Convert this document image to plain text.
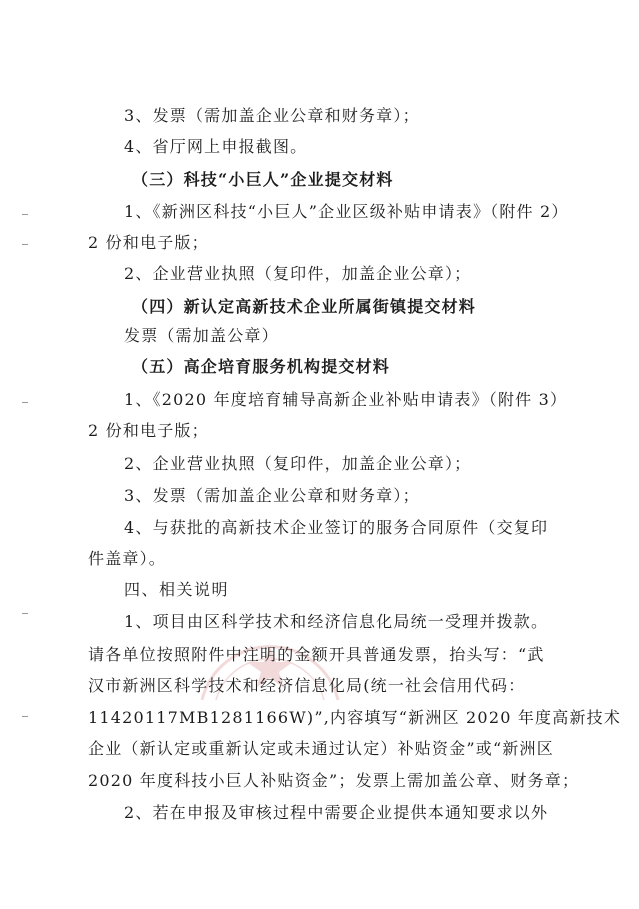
3、发票（需加盖企业公章和财务章）；
4、省厅网上申报截图。
（三）科技“小巨人”企业提交材料
1、《新洲区科技“小巨人”企业区级补贴申请表》（附件 2）
2 份和电子版；
2、企业营业执照（复印件，加盖企业公章）；
（四）新认定高新技术企业所属街镇提交材料
发票（需加盖公章）
（五）高企培育服务机构提交材料
1、《2020 年度培育辅导高新企业补贴申请表》（附件 3）
2 份和电子版；
2、企业营业执照（复印件，加盖企业公章）；
3、发票（需加盖企业公章和财务章）；
4、与获批的高新技术企业签订的服务合同原件（交复印
件盖章）。
四、相关说明
1、项目由区科学技术和经济信息化局统一受理并拨款。
请各单位按照附件中注明的金额开具普通发票，抬头写：“武
汉市新洲区科学技术和经济信息化局(统一社会信用代码：
11420117MB1281166W)”,内容填写“新洲区 2020 年度高新技术
企业（新认定或重新认定或未通过认定）补贴资金”或“新洲区
2020 年度科技小巨人补贴资金”；发票上需加盖公章、财务章；
2、若在申报及审核过程中需要企业提供本通知要求以外
